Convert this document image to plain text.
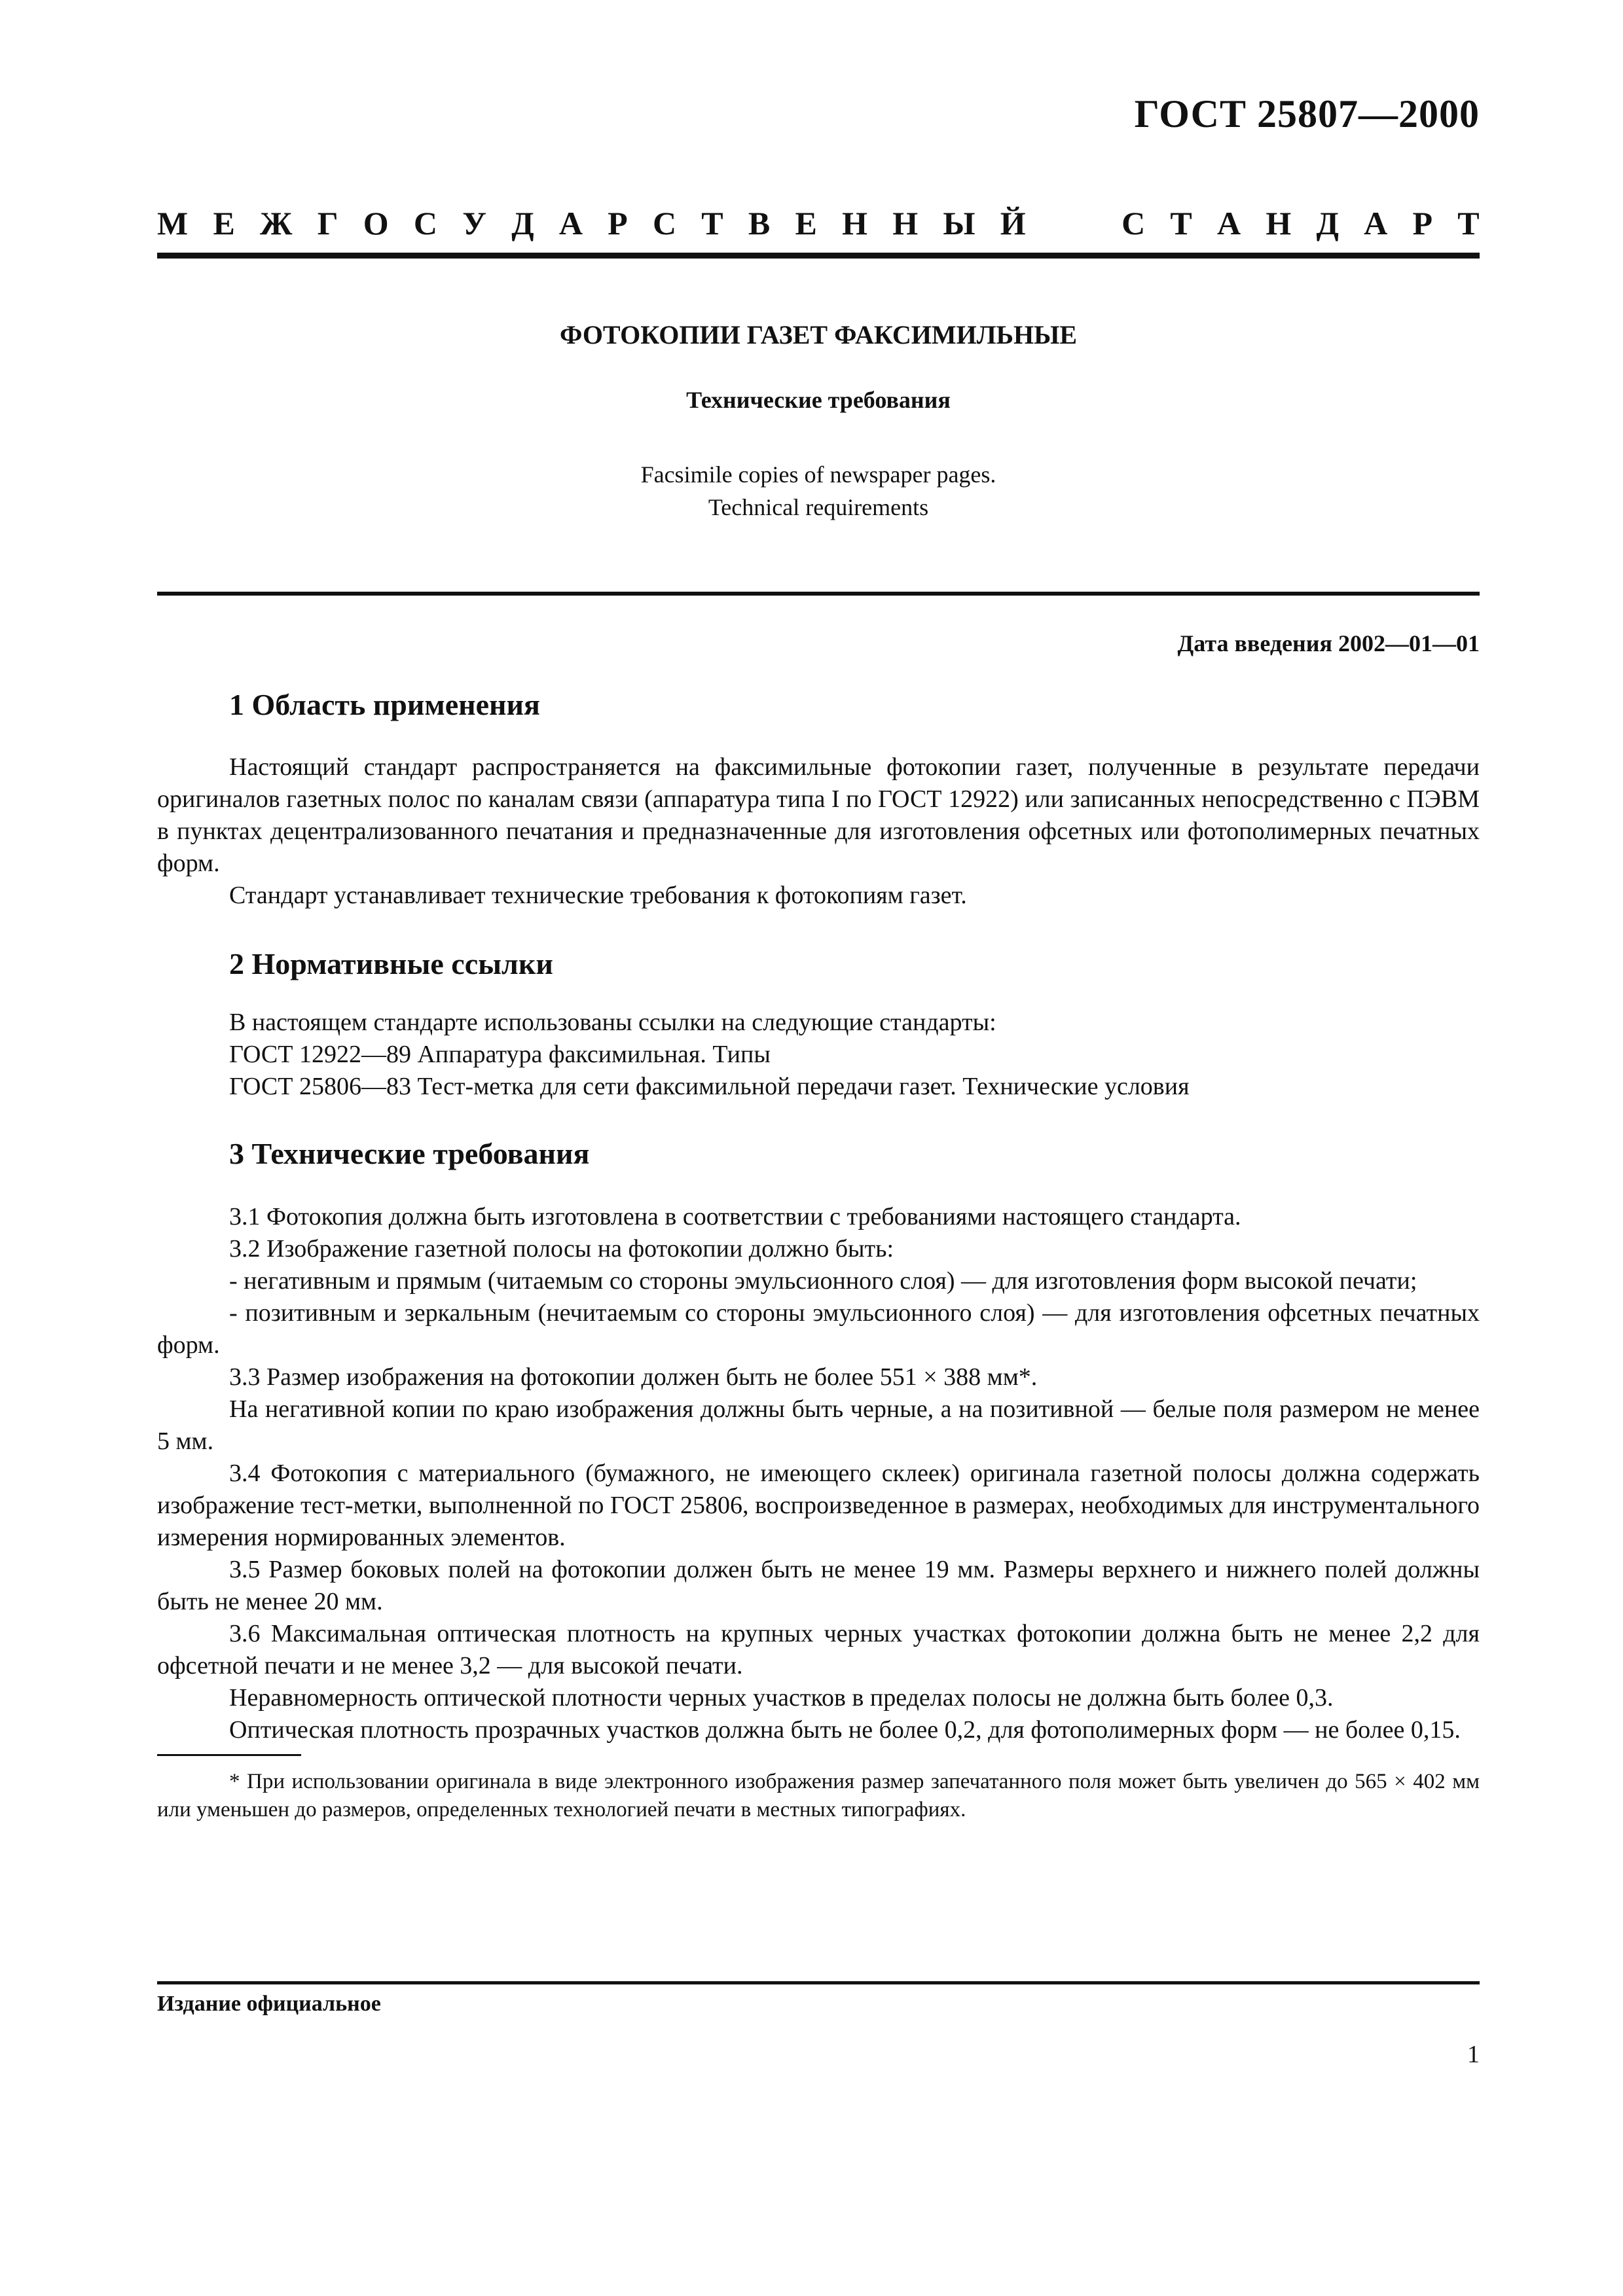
ГОСТ 25807—2000
М Е Ж Г О С У Д А Р С Т В Е Н Н Ы Й	С Т А Н Д А Р Т
ФОТОКОПИИ ГАЗЕТ ФАКСИМИЛЬНЫЕ
Технические требования
Facsimile copies of newspaper pages.
Technical requirements
Дата введения 2002—01—01
1 Область применения

Настоящий стандарт распространяется на факсимильные фотокопии газет, полученные в результате передачи оригиналов газетных полос по каналам связи (аппаратура типа I по ГОСТ 12922) или записанных непосредственно с ПЭВМ в пунктах децентрализованного печатания и предназначенные для изготовления офсетных или фотополимерных печатных форм.

Стандарт устанавливает технические требования к фотокопиям газет.

2 Нормативные ссылки

В настоящем стандарте использованы ссылки на следующие стандарты:

ГОСТ 12922—89 Аппаратура факсимильная. Типы

ГОСТ 25806—83 Тест-метка для сети факсимильной передачи газет. Технические условия

3 Технические требования

3.1 Фотокопия должна быть изготовлена в соответствии с требованиями настоящего стандарта.

3.2 Изображение газетной полосы на фотокопии должно быть:

- негативным и прямым (читаемым со стороны эмульсионного слоя) — для изготовления форм высокой печати;

- позитивным и зеркальным (нечитаемым со стороны эмульсионного слоя) — для изготовления офсетных печатных форм.

3.3 Размер изображения на фотокопии должен быть не более 551 × 388 мм*.

На негативной копии по краю изображения должны быть черные, а на позитивной — белые поля размером не менее 5 мм.

3.4 Фотокопия с материального (бумажного, не имеющего склеек) оригинала газетной полосы должна содержать изображение тест-метки, выполненной по ГОСТ 25806, воспроизведенное в размерах, необходимых для инструментального измерения нормированных элементов.

3.5 Размер боковых полей на фотокопии должен быть не менее 19 мм. Размеры верхнего и нижнего полей должны быть не менее 20 мм.

3.6 Максимальная оптическая плотность на крупных черных участках фотокопии должна быть не менее 2,2 для офсетной печати и не менее 3,2 — для высокой печати.

Неравномерность оптической плотности черных участков в пределах полосы не должна быть более 0,3.

Оптическая плотность прозрачных участков должна быть не более 0,2, для фотополимерных форм — не более 0,15.

* При использовании оригинала в виде электронного изображения размер запечатанного поля может быть увеличен до 565 × 402 мм или уменьшен до размеров, определенных технологией печати в местных типографиях.

Издание официальное
1
